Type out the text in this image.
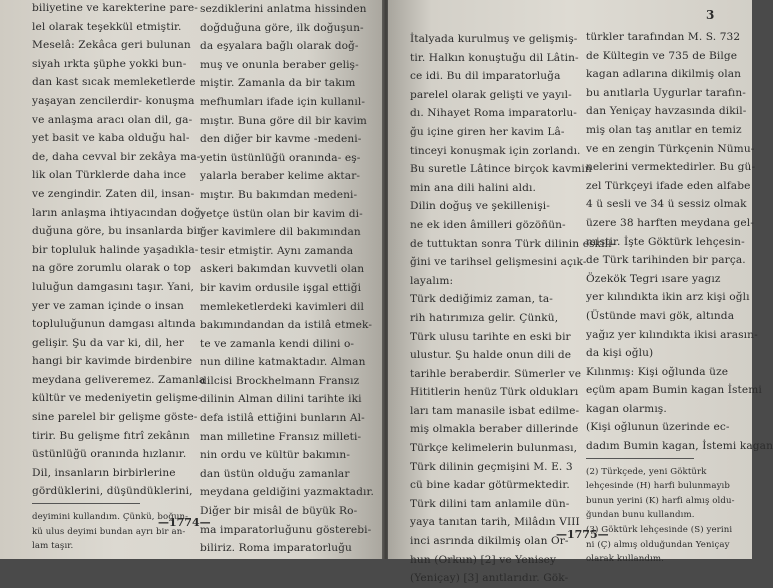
biliyetine ve karekterine pare-
lel olarak teşekkül etmiştir.
Meselâ: Zekâca geri bulunan
siyah ırkta şüphe yokki bun-
dan kast sıcak memleketlerde
yaşayan zencilerdir- konuşma
ve anlaşma aracı olan dil, ga-
yet basit ve kaba olduğu hal-
de, daha cevval bir zekâya ma-
lik olan Türklerde daha ince
ve zengindir. Zaten dil, insan-
ların anlaşma ihtiyacından doğ-
duğuna göre, bu insanlarda bir
bir topluluk halinde yaşadıkla-
na göre zorumlu olarak o top
luluğun damgasını taşır. Yani,
yer ve zaman içinde o insan
topluluğunun damgası altında
gelişir. Şu da var ki, dil, her
hangi bir kavimde birdenbire
meydana geliveremez. Zamanla
kültür ve medeniyetin gelişme-
sine parelel bir gelişme göste-
tirir. Bu gelişme fıtrî zekânın
üstünlüğü oranında hızlanır.
Dil, insanların birbirlerine
gördüklerini, düşündüklerini,
deyimini kullandım. Çünkü, boğun-
kü ulus deyimi bundan ayrı bir an-
lam taşır.
sezdiklerini anlatma hissinden
doğduğuna göre, ilk doğuşun-
da eşyalara bağlı olarak doğ-
muş ve onunla beraber geliş-
miştir. Zamanla da bir takım
mefhumları ifade için kullanıl-
mıştır. Buna göre dil bir kavim
den diğer bir kavme -medeni-
yetin üstünlüğü oranında- eş-
yalarla beraber kelime aktar-
mıştır. Bu bakımdan medeni-
yetçe üstün olan bir kavim di-
ğer kavimlere dil bakımından
tesir etmiştir. Aynı zamanda
askeri bakımdan kuvvetli olan
bir kavim ordusile işgal ettiği
memleketlerdeki kavimleri dil
bakımındandan da istilâ etmek-
te ve zamanla kendi dilini o-
nun diline katmaktadır. Alman
dilcisi Brockhelmann Fransız
dilinin Alman dilini tarihte iki
defa istilâ ettiğini bunların Al-
man milletine Fransız milleti-
nin ordu ve kültür bakımın-
dan üstün olduğu zamanlar
meydana geldiğini yazmaktadır.
Diğer bir misâl de büyük Ro-
ma imparatorluğunu gösterebi-
biliriz. Roma imparatorluğu
—1774—
3
İtalyada kurulmuş ve gelişmiş-
tir. Halkın konuştuğu dil Lâtin-
ce idi. Bu dil imparatorluğa
parelel olarak gelişti ve yayıl-
dı. Nihayet Roma imparatorlu-
ğu içine giren her kavim Lâ-
tinceyi konuşmak için zorlandı.
Bu suretle Lâtince birçok kavmin
min ana dili halini aldı.
Dilin doğuş ve şekillenişi-
ne ek iden âmilleri gözöñün-
de tuttuktan sonra Türk dilinin eskili-
ğini ve tarihsel gelişmesini açık-
layalım:
Türk dediğimiz zaman, ta-
rih hatırımıza gelir. Çünkü,
Türk ulusu tarihte en eski bir
ulustur. Şu halde onun dili de
tarihle beraberdir. Sümerler ve
Hititlerin henüz Türk oldukları
ları tam manasile isbat edilme-
miş olmakla beraber dillerinde
Türkçe kelimelerin bulunması,
Türk dilinin geçmişini M. E. 3
cü bine kadar götürmektedir.
Türk dilini tam anlamile dün-
yaya tanıtan tarih, Milâdın VIII
inci asrında dikilmiş olan Or-
hun (Orkun) [2] ve Yenisey
(Yeniçay) [3] anıtlarıdır. Gök-
türkler tarafından M. S. 732
de Kültegin ve 735 de Bilge
kagan adlarına dikilmiş olan
bu anıtlarla Uygurlar tarafın-
dan Yeniçay havzasında dikil-
miş olan taş anıtlar en temiz
ve en zengin Türkçenin Nümu-
nelerini vermektedirler. Bu gü-
zel Türkçeyi ifade eden alfabe
4 ü sesli ve 34 ü sessiz olmak
üzere 38 harften meydana gel-
miştir. İşte Göktürk lehçesin-
de Türk tarihinden bir parça.
Özekök Tegri ısare yagız
yer kılındıkta ikin arz kişi oğlı
(Üstünde mavi gök, altında
yağız yer kılındıkta ikisi arasın-
da kişi oğlu)
Kılınmış: Kişi oğlunda üze
eçüm apam Bumin kagan İstemi
kagan olarmış.
(Kişi oğlunun üzerinde ec-
dadım Bumin kagan, İstemi kagan
(2) Türkçede, yeni Göktürk
lehçesinde (H) harfi bulunmayıb
bunun yerini (K) harfi almış oldu-
ğundan bunu kullandım.
(3) Göktürk lehçesinde (S) yerini
ni (Ç) almış olduğundan Yeniçay
olarak kullandım.
—1775—
